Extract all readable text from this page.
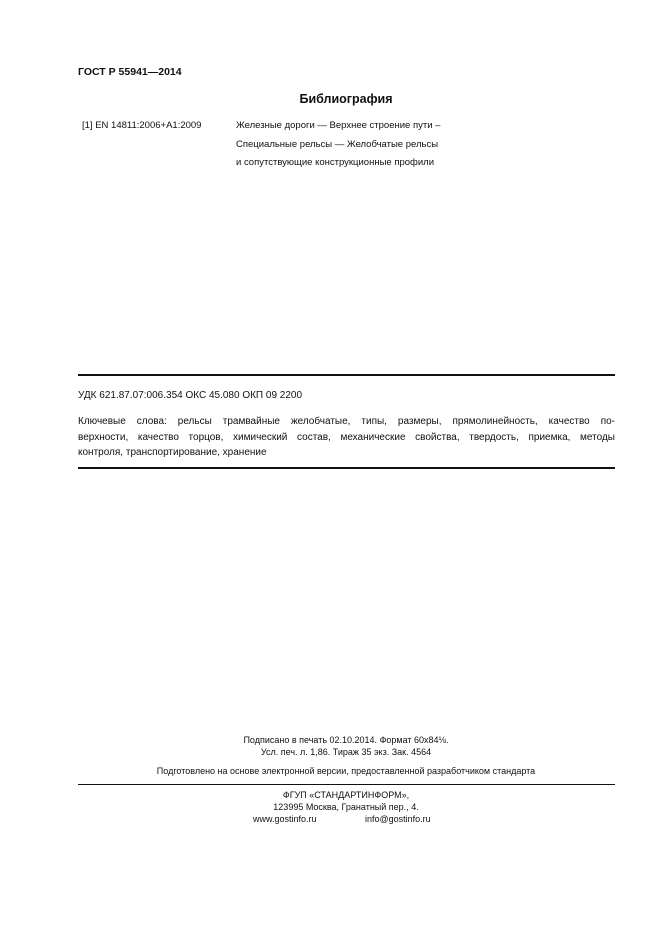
ГОСТ Р 55941—2014
Библиография
[1] EN 14811:2006+A1:2009	Железные дороги — Верхнее строение пути –
Специальные рельсы — Желобчатые рельсы
и сопутствующие конструкционные профили
УДК 621.87.07:006.354 ОКС 45.080 ОКП 09 2200
Ключевые слова: рельсы трамвайные желобчатые, типы, размеры, прямолинейность, качество по-
верхности, качество торцов, химический состав, механические свойства, твердость, приемка, методы
контроля, транспортирование, хранение
Подписано в печать 02.10.2014. Формат 60x84⅛.
Усл. печ. л. 1,86. Тираж 35 экз. Зак. 4564
Подготовлено на основе электронной версии, предоставленной разработчиком стандарта
ФГУП «СТАНДАРТИНФОРМ»,
123995 Москва, Гранатный пер., 4.
www.gostinfo.ru	info@gostinfo.ru
